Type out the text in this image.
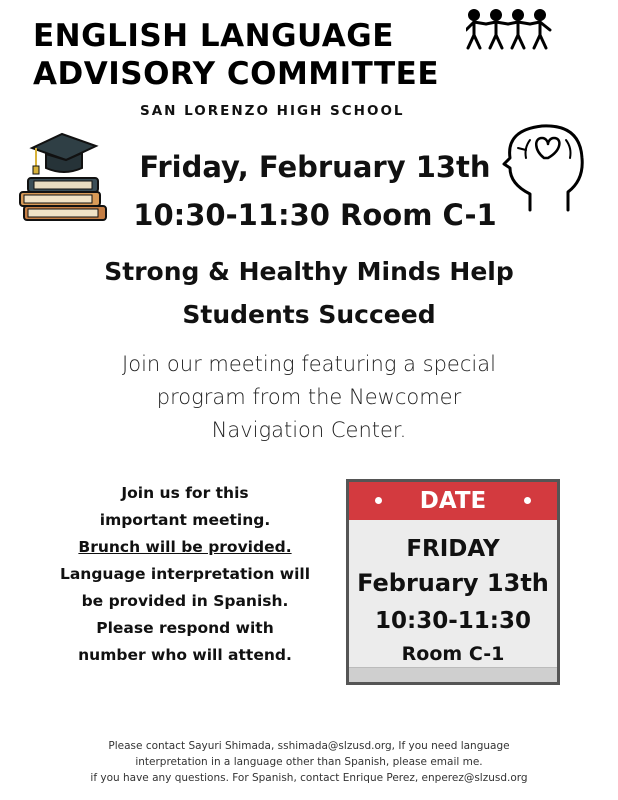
ENGLISH LANGUAGE
ADVISORY COMMITTEE
SAN LORENZO HIGH SCHOOL
Friday, February 13th
10:30-11:30 Room C-1
Strong & Healthy Minds Help
Students Succeed
Join our meeting featuring a special
program from the Newcomer
Navigation Center.
Join us for this
important meeting.
Brunch will be provided.
Language interpretation will
be provided in Spanish.
Please respond with
number who will attend.
DATE
FRIDAY
February 13th
10:30-11:30
Room C-1
Please contact Sayuri Shimada, sshimada@slzusd.org, If you need language
interpretation in a language other than Spanish, please email me.
if you have any questions. For Spanish, contact Enrique Perez, enperez@slzusd.org
